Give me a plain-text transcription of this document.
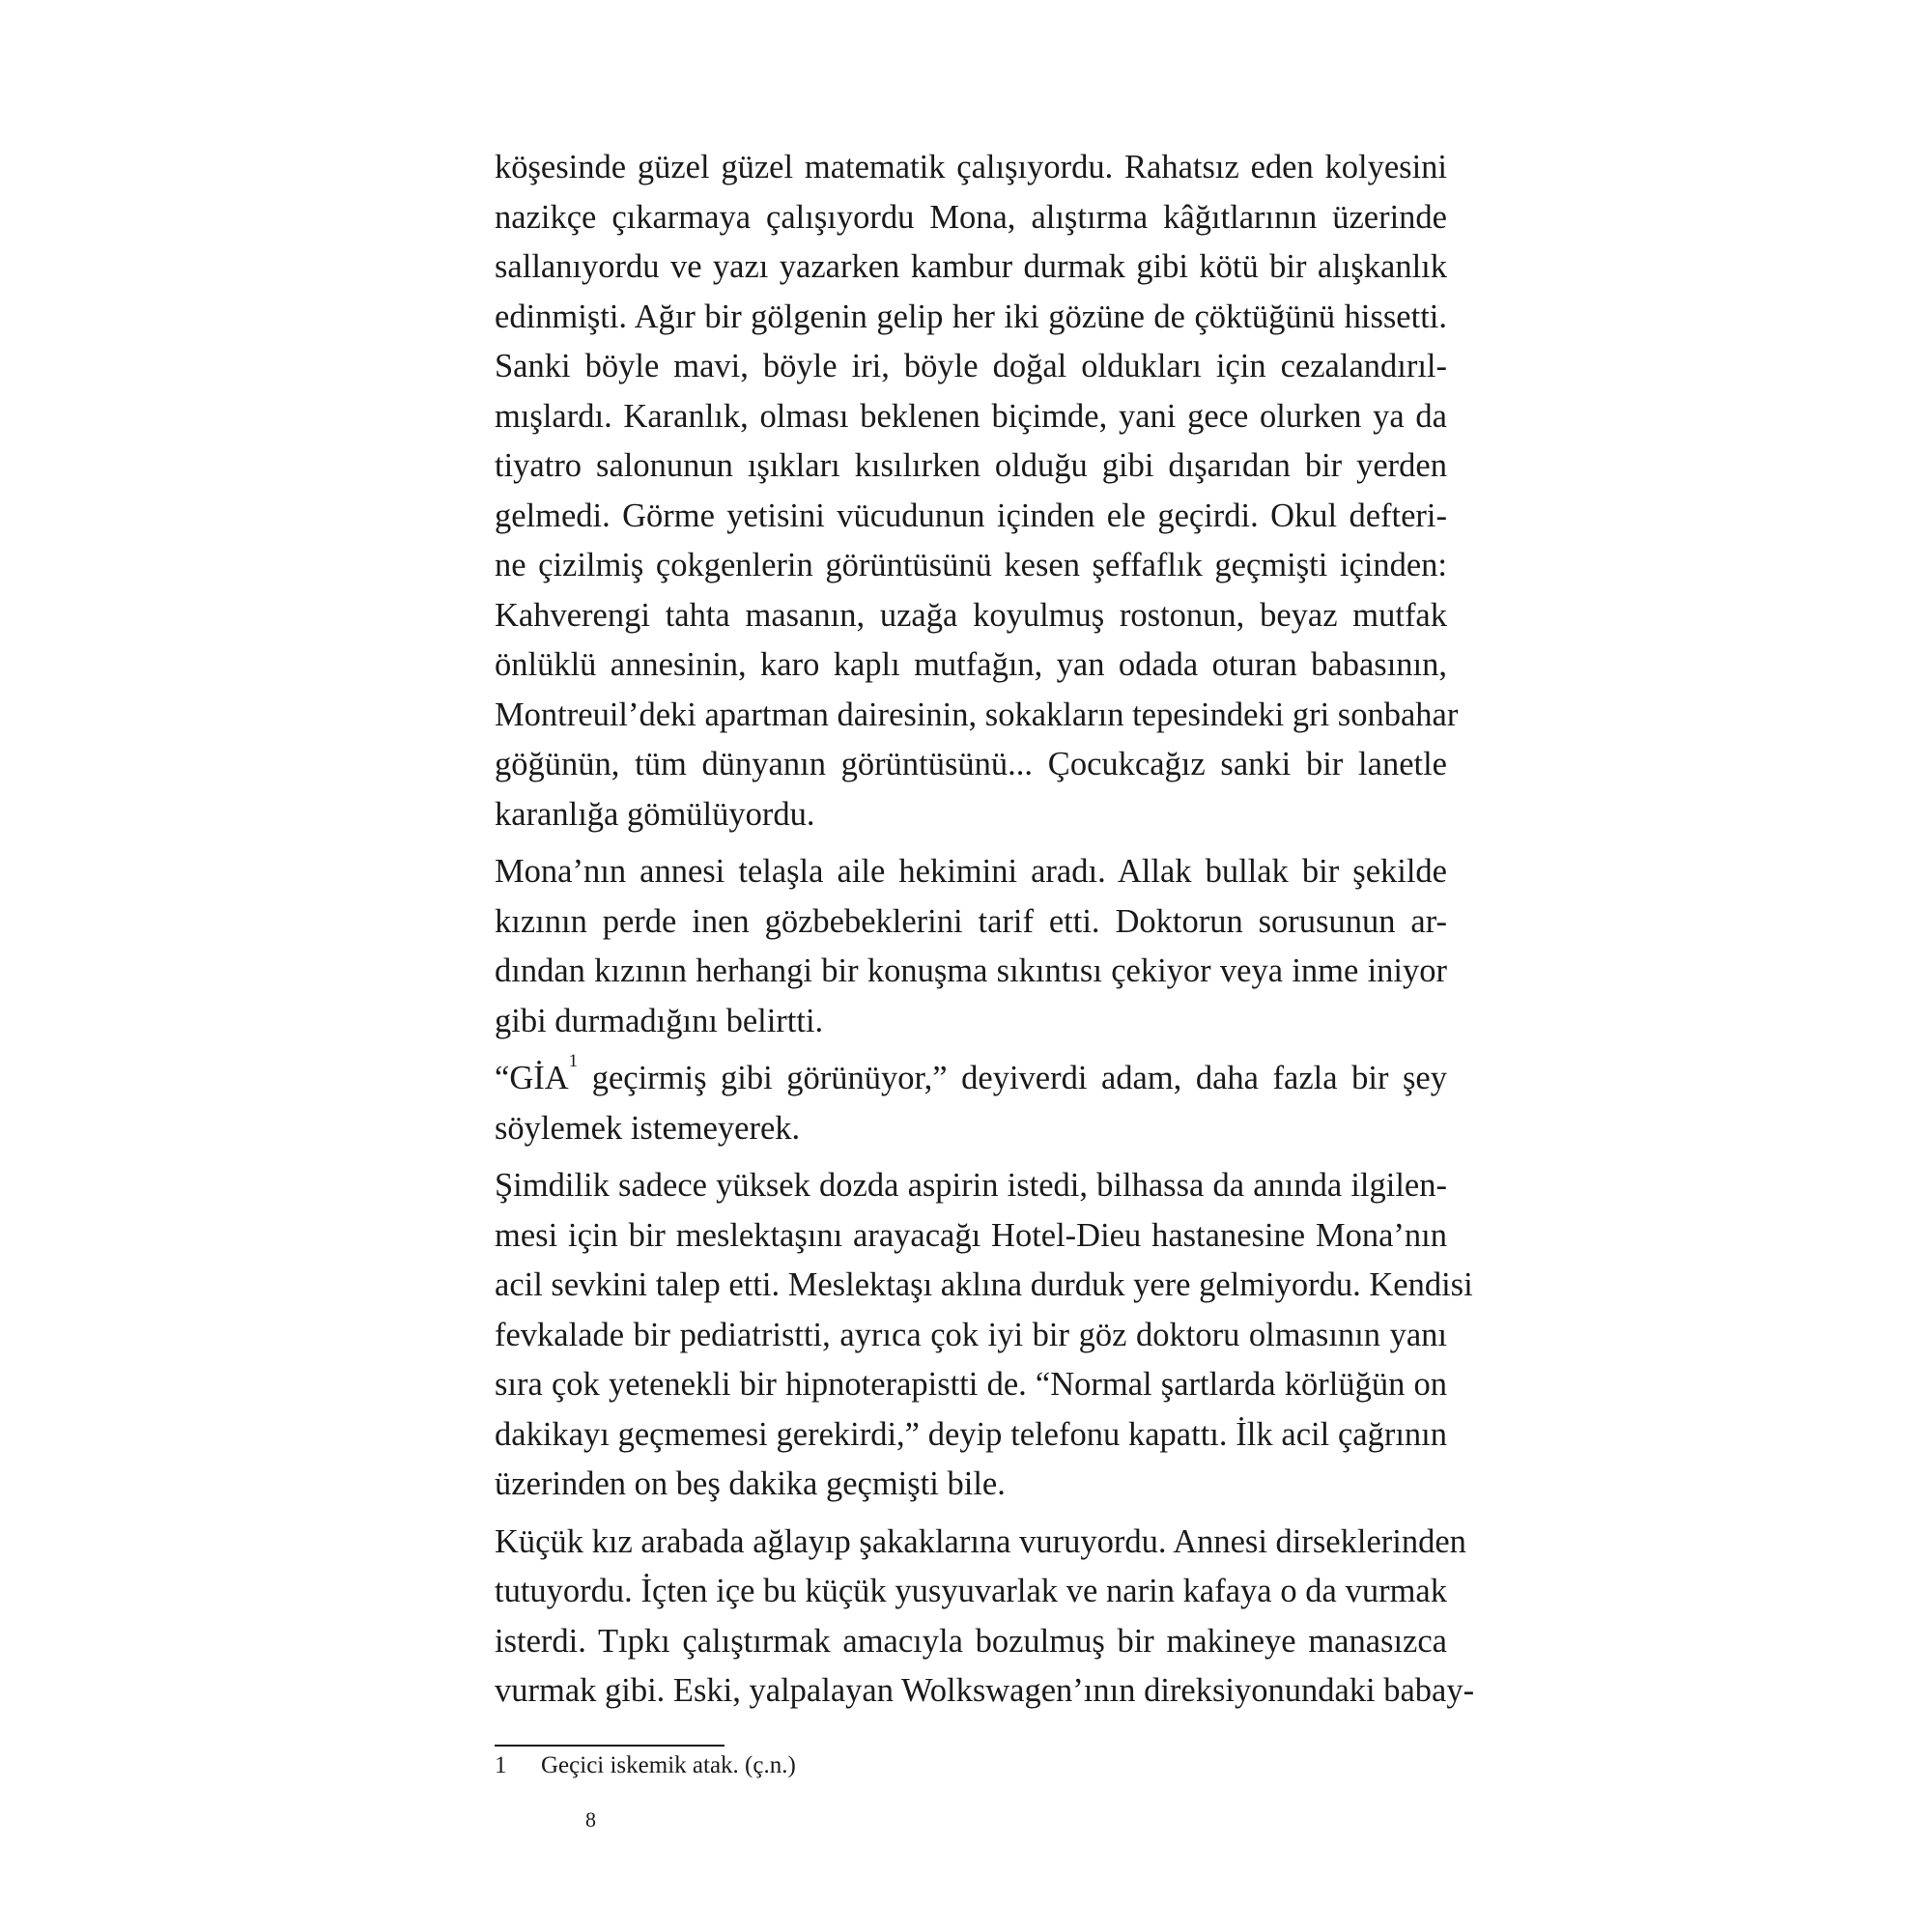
köşesinde güzel güzel matematik çalışıyordu. Rahatsız eden kolyesini
nazikçe çıkarmaya çalışıyordu Mona, alıştırma kâğıtlarının üzerinde
sallanıyordu ve yazı yazarken kambur durmak gibi kötü bir alışkanlık
edinmişti. Ağır bir gölgenin gelip her iki gözüne de çöktüğünü hissetti.
Sanki böyle mavi, böyle iri, böyle doğal oldukları için cezalandırıl-
mışlardı. Karanlık, olması beklenen biçimde, yani gece olurken ya da
tiyatro salonunun ışıkları kısılırken olduğu gibi dışarıdan bir yerden
gelmedi. Görme yetisini vücudunun içinden ele geçirdi. Okul defteri-
ne çizilmiş çokgenlerin görüntüsünü kesen şeffaflık geçmişti içinden:
Kahverengi tahta masanın, uzağa koyulmuş rostonun, beyaz mutfak
önlüklü annesinin, karo kaplı mutfağın, yan odada oturan babasının,
Montreuil’deki apartman dairesinin, sokakların tepesindeki gri sonbahar
göğünün, tüm dünyanın görüntüsünü... Çocukcağız sanki bir lanetle
karanlığa gömülüyordu.
Mona’nın annesi telaşla aile hekimini aradı. Allak bullak bir şekilde
kızının perde inen gözbebeklerini tarif etti. Doktorun sorusunun ar-
dından kızının herhangi bir konuşma sıkıntısı çekiyor veya inme iniyor
gibi durmadığını belirtti.
“GİA$^1$ geçirmiş gibi görünüyor,” deyiverdi adam, daha fazla bir şey
söylemek istemeyerek.
Şimdilik sadece yüksek dozda aspirin istedi, bilhassa da anında ilgilen-
mesi için bir meslektaşını arayacağı Hotel-Dieu hastanesine Mona’nın
acil sevkini talep etti. Meslektaşı aklına durduk yere gelmiyordu. Kendisi
fevkalade bir pediatristti, ayrıca çok iyi bir göz doktoru olmasının yanı
sıra çok yetenekli bir hipnoterapistti de. “Normal şartlarda körlüğün on
dakikayı geçmemesi gerekirdi,” deyip telefonu kapattı. İlk acil çağrının
üzerinden on beş dakika geçmişti bile.
Küçük kız arabada ağlayıp şakaklarına vuruyordu. Annesi dirseklerinden
tutuyordu. İçten içe bu küçük yusyuvarlak ve narin kafaya o da vurmak
isterdi. Tıpkı çalıştırmak amacıyla bozulmuş bir makineye manasızca
vurmak gibi. Eski, yalpalayan Wolkswagen’ının direksiyonundaki babay-
1 Geçici iskemik atak. (ç.n.)
8
